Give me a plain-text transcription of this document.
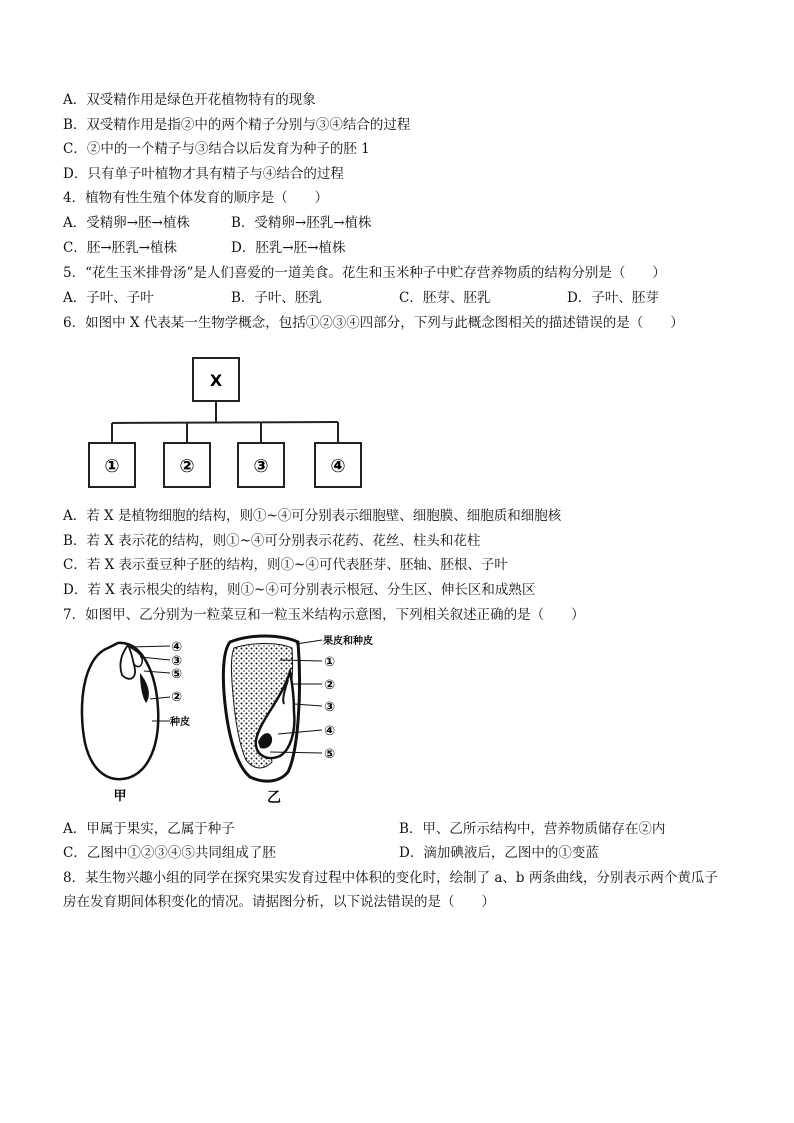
A．双受精作用是绿色开花植物特有的现象
B．双受精作用是指②中的两个精子分别与③④结合的过程
C．②中的一个精子与③结合以后发育为种子的胚 1
D．只有单子叶植物才具有精子与④结合的过程
4．植物有性生殖个体发育的顺序是（　　）
A．受精卵→胚→植株	B．受精卵→胚乳→植株
C．胚→胚乳→植株	D．胚乳→胚→植株
5．“花生玉米排骨汤”是人们喜爱的一道美食。花生和玉米种子中贮存营养物质的结构分别是（　　）
A．子叶、子叶	B．子叶、胚乳	C．胚芽、胚乳	D．子叶、胚芽
6．如图中 X 代表某一生物学概念，包括①②③④四部分，下列与此概念图相关的描述错误的是（　　）
X
①	②	③	④
A．若 X 是植物细胞的结构，则①~④可分别表示细胞壁、细胞膜、细胞质和细胞核
B．若 X 表示花的结构，则①~④可分别表示花药、花丝、柱头和花柱
C．若 X 表示蚕豆种子胚的结构，则①~④可代表胚芽、胚轴、胚根、子叶
D．若 X 表示根尖的结构，则①~④可分别表示根冠、分生区、伸长区和成熟区
7．如图甲、乙分别为一粒菜豆和一粒玉米结构示意图，下列相关叙述正确的是（　　）
④
③
⑤
②
种皮
甲
果皮和种皮
①
②
③
④
⑤
乙
A．甲属于果实，乙属于种子	B．甲、乙所示结构中，营养物质储存在②内
C．乙图中①②③④⑤共同组成了胚	D．滴加碘液后，乙图中的①变蓝
8．某生物兴趣小组的同学在探究果实发育过程中体积的变化时，绘制了 a、b 两条曲线，分别表示两个黄瓜子
房在发育期间体积变化的情况。请据图分析，以下说法错误的是（　　）
